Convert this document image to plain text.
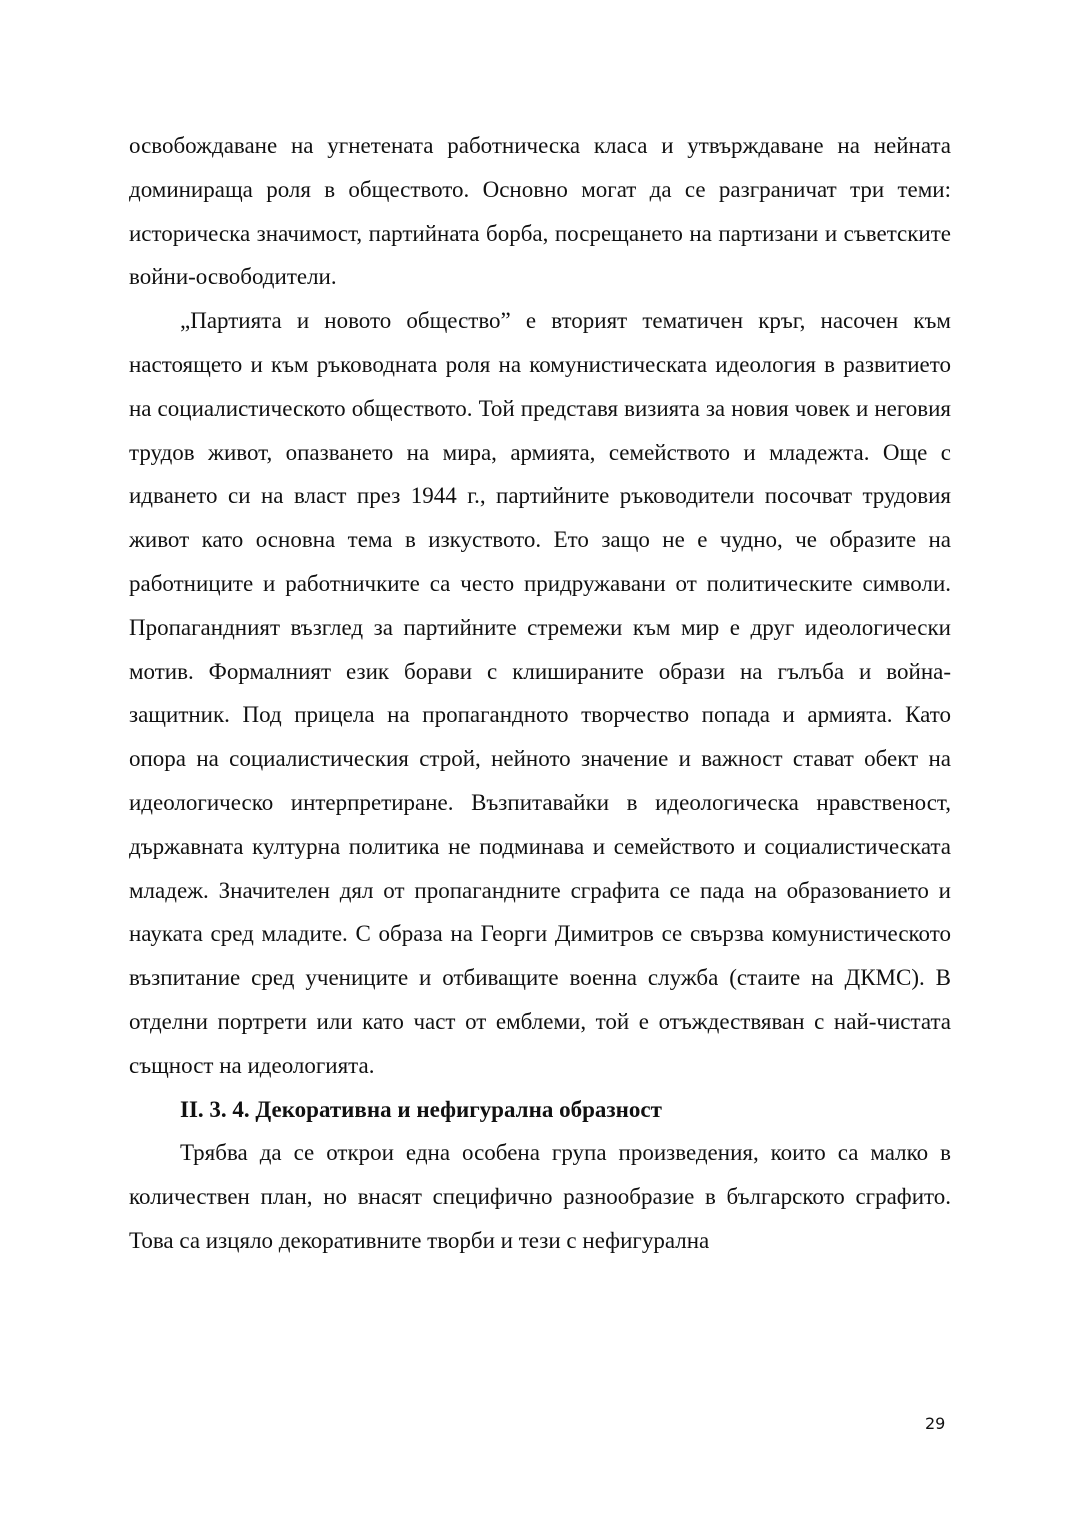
освобождаване на угнетената работническа класа и утвърждаване на нейната доминираща роля в обществото. Основно могат да се разграничат три теми: историческа значимост, партийната борба, посрещането на партизани и съветските войни-освободители.

„Партията и новото общество” е вторият тематичен кръг, насочен към настоящето и към ръководната роля на комунистическата идеология в развитието на социалистическото обществото. Той представя визията за новия човек и неговия трудов живот, опазването на мира, армията, семейството и младежта. Още с идването си на власт през 1944 г., партийните ръководители посочват трудовия живот като основна тема в изкуството. Ето защо не е чудно, че образите на работниците и работничките са често придружавани от политическите символи. Пропагандният възглед за партийните стремежи към мир е друг идеологически мотив. Формалният език борави с клишираните образи на гълъба и война-защитник. Под прицела на пропагандното творчество попада и армията. Като опора на социалистическия строй, нейното значение и важност стават обект на идеологическо интерпретиране. Възпитавайки в идеологическа нравственост, държавната културна политика не подминава и семейството и социалистическата младеж. Значителен дял от пропагандните сграфита се пада на образованието и науката сред младите. С образа на Георги Димитров се свързва комунистическото възпитание сред учениците и отбиващите военна служба (стаите на ДКМС). В отделни портрети или като част от емблеми, той е отъждествяван с най-чистата същност на идеологията.

II. 3. 4. Декоративна и нефигурална образност

Трябва да се открои една особена група произведения, които са малко в количествен план, но внасят специфично разнообразие в българското сграфито. Това са изцяло декоративните творби и тези с нефигурална

29
